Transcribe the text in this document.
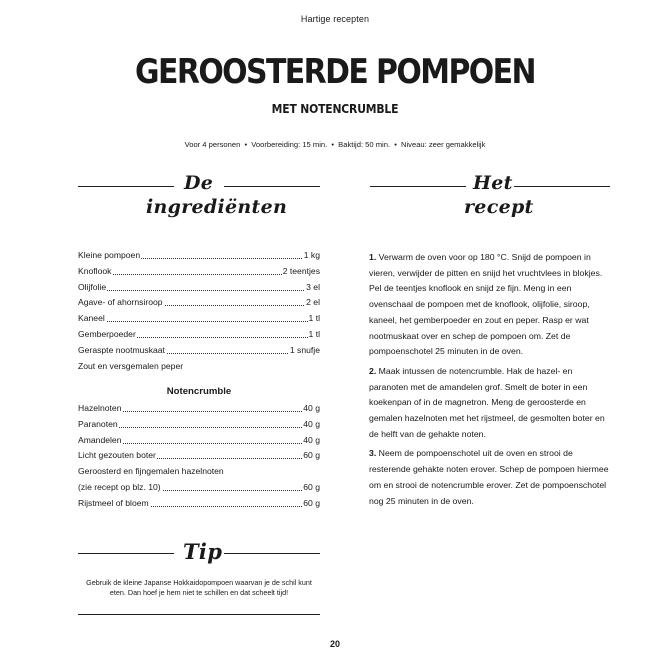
Hartige recepten
GEROOSTERDE POMPOEN
MET NOTENCRUMBLE
Voor 4 personen • Voorbereiding: 15 min. • Baktijd: 50 min. • Niveau: zeer gemakkelijk
De
ingrediënten
Het
recept
Kleine pompoen	1 kg
Knoflook	2 teentjes
Olijfolie	3 el
Agave- of ahornsiroop	2 el
Kaneel	1 tl
Gemberpoeder	1 tl
Geraspte nootmuskaat	1 snufje
Zout en versgemalen peper
Notencrumble
Hazelnoten	40 g
Paranoten	40 g
Amandelen	40 g
Licht gezouten boter	60 g
Geroosterd en fijngemalen hazelnoten
(zie recept op blz. 10)	60 g
Rijstmeel of bloem	60 g

1. Verwarm de oven voor op 180 °C. Snijd de pompoen in vieren, verwijder de pitten en snijd het vruchtvlees in blokjes. Pel de teentjes knoflook en snijd ze fijn. Meng in een ovenschaal de pompoen met de knoflook, olijfolie, siroop, kaneel, het gemberpoeder en zout en peper. Rasp er wat nootmuskaat over en schep de pompoen om. Zet de pompoenschotel 25 minuten in de oven.

2. Maak intussen de notencrumble. Hak de hazel- en paranoten met de amandelen grof. Smelt de boter in een koekenpan of in de magnetron. Meng de geroosterde en gemalen hazelnoten met het rijstmeel, de gesmolten boter en de helft van de gehakte noten.

3. Neem de pompoenschotel uit de oven en strooi de resterende gehakte noten erover. Schep de pompoen hiermee om en strooi de notencrumble erover. Zet de pompoenschotel nog 25 minuten in de oven.

Tip
Gebruik de kleine Japanse Hokkaidopompoen waarvan je de schil kunt eten. Dan hoef je hem niet te schillen en dat scheelt tijd!
20
